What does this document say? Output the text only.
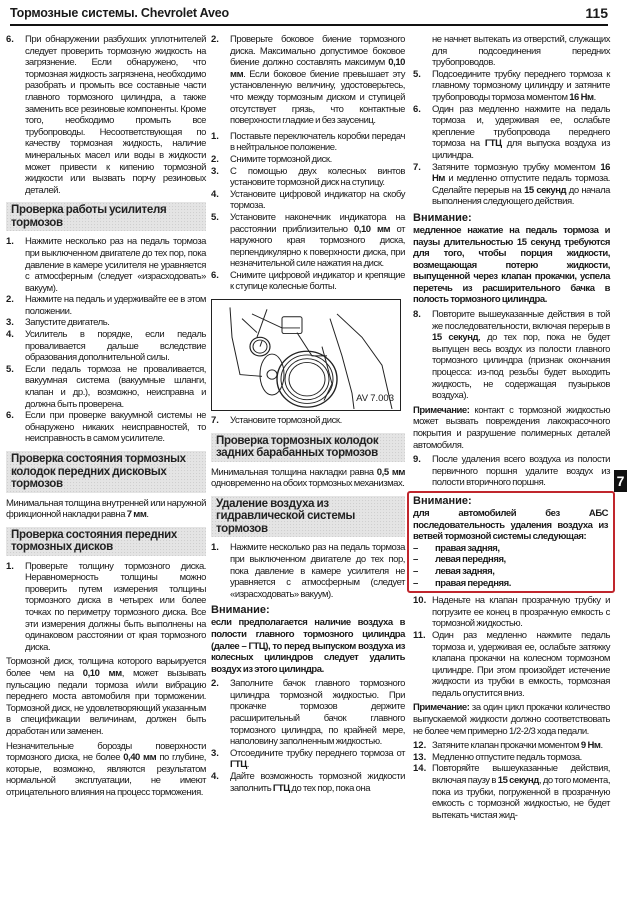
Тормозные системы. Chevrolet Aveo	115
6.	При обнаружении разбухших уплотнителей следует проверить тормозную жидкость на загрязнение. Если обнаружено, что тормозная жидкость загрязнена, необходимо разобрать и промыть все составные части главного тормозного цилиндра, а также заменить все резиновые компоненты. Кроме того, необходимо промыть все трубопроводы. Несоответствующая по качеству тормозная жидкость, наличие минеральных масел или воды в жидкости может привести к кипению тормозной жидкости или вызвать порчу резиновых деталей.
Проверка работы усилителя тормозов
1.	Нажмите несколько раз на педаль тормоза при выключенном двигателе до тех пор, пока давление в камере усилителя не уравняется с атмосферным (следует «израсходовать» вакуум).
2.	Нажмите на педаль и удерживайте ее в этом положении.
3.	Запустите двигатель.
4.	Усилитель в порядке, если педаль проваливается дальше вследствие образования дополнительной силы.
5.	Если педаль тормоза не проваливается, вакуумная система (вакуумные шланги, клапан и др.), возможно, неисправна и должна быть проверена.
6.	Если при проверке вакуумной системы не обнаружено никаких неисправностей, то неисправность в самом усилителе.
Проверка состояния тормозных колодок передних дисковых тормозов
Минимальная толщина внутренней или наружной фрикционной накладки равна 7 мм.
Проверка состояния передних тормозных дисков
1.	Проверьте толщину тормозного диска. Неравномерность толщины можно проверить путем измерения толщины тормозного диска в четырех или более точках по периметру тормозного диска. Все эти измерения должны быть выполнены на одинаковом расстоянии от края тормозного диска.
Тормозной диск, толщина которого варьируется более чем на 0,10 мм, может вызывать пульсацию педали тормоза и/или вибрацию переднего моста автомобиля при торможении. Тормозной диск, не удовлетворяющий указанным в спецификации величинам, должен быть доработан или заменен.
Незначительные борозды поверхности тормозного диска, не более 0,40 мм по глубине, которые, возможно, являются результатом нормальной эксплуатации, не имеют отрицательного влияния на процесс торможения.
2.	Проверьте боковое биение тормозного диска. Максимально допустимое боковое биение должно составлять максимум 0,10 мм. Если боковое биение превышает эту установленную величину, удостоверьтесь, что между тормозным диском и ступицей отсутствует грязь, что контактные поверхности гладкие и без заусениц.
1.	Поставьте переключатель коробки передач в нейтральное положение.
2.	Снимите тормозной диск.
3.	С помощью двух колесных винтов установите тормозной диск на ступицу.
4.	Установите цифровой индикатор на скобу тормоза.
5.	Установите наконечник индикатора на расстоянии приблизительно 0,10 мм от наружного края тормозного диска, перпендикулярно к поверхности диска, при незначительной силе нажатия на диск.
6.	Снимите цифровой индикатор и крепящие к ступице колесные болты.
AV 7.003
7.	Установите тормозной диск.
Проверка тормозных колодок задних барабанных тормозов
Минимальная толщина накладки равна 0,5 мм одновременно на обоих тормозных механизмах.
Удаление воздуха из гидравлической системы тормозов
1.	Нажмите несколько раз на педаль тормоза при выключенном двигателе до тех пор, пока давление в камере усилителя не уравняется с атмосферным (следует «израсходовать» вакуум).
Внимание:
если предполагается наличие воздуха в полости главного тормозного цилиндра (далее – ГТЦ), то перед выпуском воздуха из колесных цилиндров следует удалить воздух из этого цилиндра.
2.	Заполните бачок главного тормозного цилиндра тормозной жидкостью. При прокачке тормозов держите расширительный бачок главного тормозного цилиндра, по крайней мере, наполовину заполненным жидкостью.
3.	Отсоедините трубку переднего тормоза от ГТЦ.
4.	Дайте возможность тормозной жидкости заполнить ГТЦ до тех пор, пока она
не начнет вытекать из отверстий, служащих для подсоединения передних трубопроводов.
5.	Подсоедините трубку переднего тормоза к главному тормозному цилиндру и затяните трубопроводы тормоза моментом 16 Нм.
6.	Один раз медленно нажмите на педаль тормоза и, удерживая ее, ослабьте крепление трубопровода переднего тормоза на ГТЦ для выпуска воздуха из цилиндра.
7.	Затяните тормозную трубку моментом 16 Нм и медленно отпустите педаль тормоза. Сделайте перерыв на 15 секунд до начала выполнения следующего действия.
Внимание:
медленное нажатие на педаль тормоза и паузы длительностью 15 секунд требуются для того, чтобы порция жидкости, возмещающая потерю жидкости, выпущенной через клапан прокачки, успела перетечь из расширительного бачка в полость тормозного цилиндра.
8.	Повторите вышеуказанные действия в той же последовательности, включая перерыв в 15 секунд, до тех пор, пока не будет выпущен весь воздух из полости главного тормозного цилиндра (признак окончания процесса: из-под резьбы будет выходить жидкость, не содержащая пузырьков воздуха).
Примечание: контакт с тормозной жидкостью может вызвать повреждения лакокрасочного покрытия и разрушение полимерных деталей автомобиля.
9.	После удаления всего воздуха из полости первичного поршня удалите воздух из полости вторичного поршня.
Внимание:
для автомобилей без АБС последовательность удаления воздуха из ветвей тормозной системы следующая:
–	правая задняя,
–	левая передняя,
–	левая задняя,
–	правая передняя.
10. Наденьте на клапан прозрачную трубку и погрузите ее конец в прозрачную емкость с тормозной жидкостью.
11. Один раз медленно нажмите педаль тормоза и, удерживая ее, ослабьте затяжку клапана прокачки на колесном тормозном цилиндре. При этом произойдет истечение жидкости из трубки в емкость, тормозная педаль опустится вниз.
Примечание: за один цикл прокачки количество выпускаемой жидкости должно соответствовать не более чем примерно 1/2-2/3 хода педали.
12. Затяните клапан прокачки моментом 9 Нм.
13. Медленно отпустите педаль тормоза.
14. Повторяйте вышеуказанные действия, включая паузу в 15 секунд, до того момента, пока из трубки, погруженной в прозрачную емкость с тормозной жидкостью, не будет вытекать чистая жид-
7
